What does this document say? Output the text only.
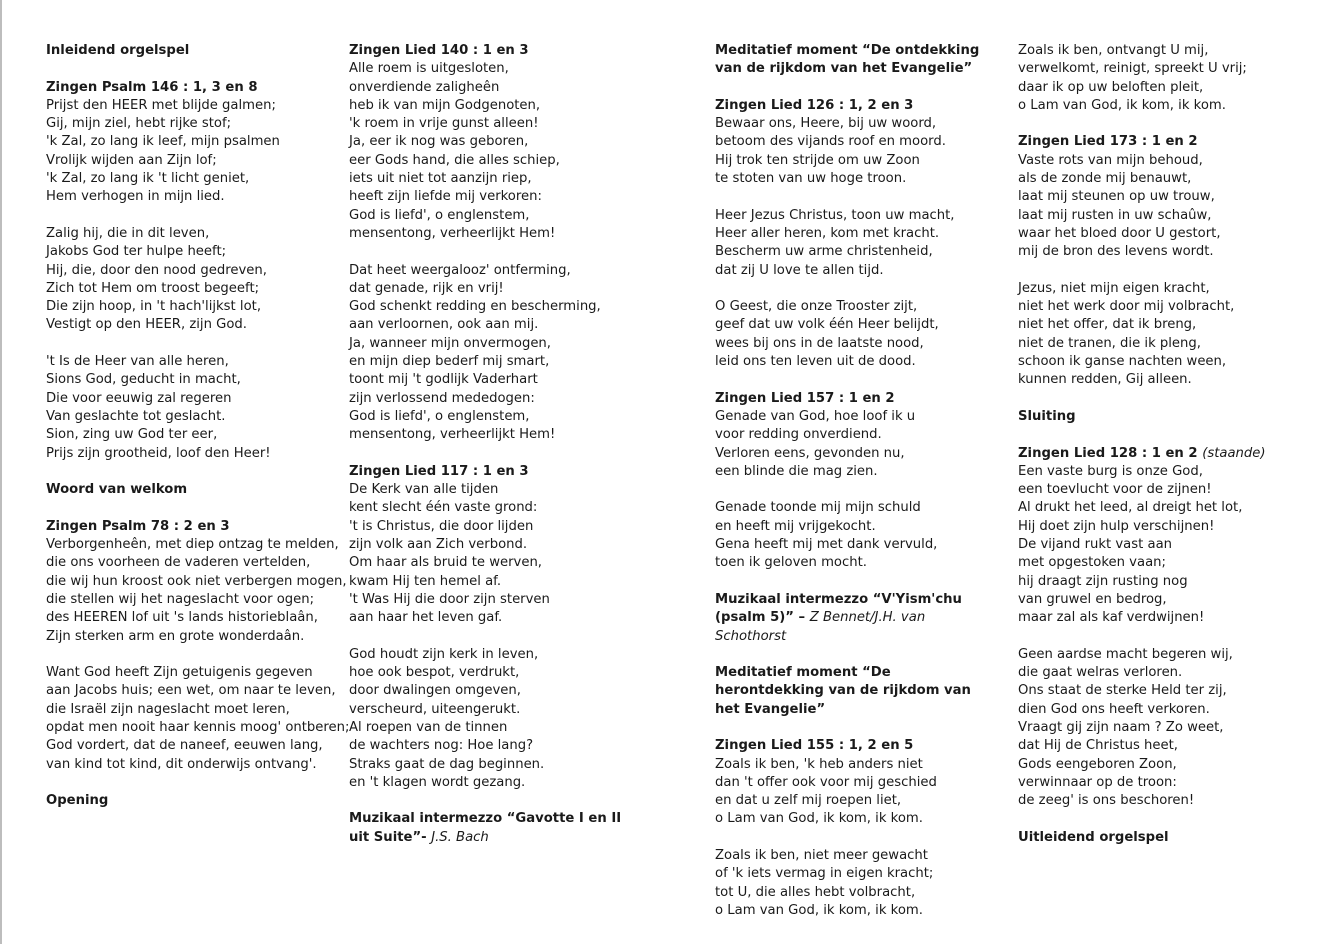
Inleidend orgelspel
Zingen Psalm 146 : 1, 3 en 8
Prijst den HEER met blijde galmen;
Gij, mijn ziel, hebt rijke stof;
'k Zal, zo lang ik leef, mijn psalmen
Vrolijk wijden aan Zijn lof;
'k Zal, zo lang ik 't licht geniet,
Hem verhogen in mijn lied.
Zalig hij, die in dit leven,
Jakobs God ter hulpe heeft;
Hij, die, door den nood gedreven,
Zich tot Hem om troost begeeft;
Die zijn hoop, in 't hach'lijkst lot,
Vestigt op den HEER, zijn God.
't Is de Heer van alle heren,
Sions God, geducht in macht,
Die voor eeuwig zal regeren
Van geslachte tot geslacht.
Sion, zing uw God ter eer,
Prijs zijn grootheid, loof den Heer!
Woord van welkom
Zingen Psalm 78 : 2 en 3
Verborgenheên, met diep ontzag te melden,
die ons voorheen de vaderen vertelden,
die wij hun kroost ook niet verbergen mogen,
die stellen wij het nageslacht voor ogen;
des HEEREN lof uit 's lands historieblaân,
Zijn sterken arm en grote wonderdaân.
Want God heeft Zijn getuigenis gegeven
aan Jacobs huis; een wet, om naar te leven,
die Israël zijn nageslacht moet leren,
opdat men nooit haar kennis moog' ontberen;
God vordert, dat de naneef, eeuwen lang,
van kind tot kind, dit onderwijs ontvang'.
Opening
Zingen Lied 140 : 1 en 3
Alle roem is uitgesloten,
onverdiende zaligheên
heb ik van mijn Godgenoten,
'k roem in vrije gunst alleen!
Ja, eer ik nog was geboren,
eer Gods hand, die alles schiep,
iets uit niet tot aanzijn riep,
heeft zijn liefde mij verkoren:
God is liefd', o englenstem,
mensentong, verheerlijkt Hem!
Dat heet weergalooz' ontferming,
dat genade, rijk en vrij!
God schenkt redding en bescherming,
aan verloornen, ook aan mij.
Ja, wanneer mijn onvermogen,
en mijn diep bederf mij smart,
toont mij 't godlijk Vaderhart
zijn verlossend mededogen:
God is liefd', o englenstem,
mensentong, verheerlijkt Hem!
Zingen Lied 117 : 1 en 3
De Kerk van alle tijden
kent slecht één vaste grond:
't is Christus, die door lijden
zijn volk aan Zich verbond.
Om haar als bruid te werven,
kwam Hij ten hemel af.
't Was Hij die door zijn sterven
aan haar het leven gaf.
God houdt zijn kerk in leven,
hoe ook bespot, verdrukt,
door dwalingen omgeven,
verscheurd, uiteengerukt.
Al roepen van de tinnen
de wachters nog: Hoe lang?
Straks gaat de dag beginnen.
en 't klagen wordt gezang.
Muzikaal intermezzo “Gavotte I en II uit Suite”- J.S. Bach
Meditatief moment “De ontdekking van de rijkdom van het Evangelie”
Zingen Lied 126 : 1, 2 en 3
Bewaar ons, Heere, bij uw woord,
betoom des vijands roof en moord.
Hij trok ten strijde om uw Zoon
te stoten van uw hoge troon.
Heer Jezus Christus, toon uw macht,
Heer aller heren, kom met kracht.
Bescherm uw arme christenheid,
dat zij U love te allen tijd.
O Geest, die onze Trooster zijt,
geef dat uw volk één Heer belijdt,
wees bij ons in de laatste nood,
leid ons ten leven uit de dood.
Zingen Lied 157 : 1 en 2
Genade van God, hoe loof ik u
voor redding onverdiend.
Verloren eens, gevonden nu,
een blinde die mag zien.
Genade toonde mij mijn schuld
en heeft mij vrijgekocht.
Gena heeft mij met dank vervuld,
toen ik geloven mocht.
Muzikaal intermezzo “V'Yism'chu (psalm 5)” – Z Bennet/J.H. van Schothorst
Meditatief moment “De herontdekking van de rijkdom van het Evangelie”
Zingen Lied 155 : 1, 2 en 5
Zoals ik ben, 'k heb anders niet
dan 't offer ook voor mij geschied
en dat u zelf mij roepen liet,
o Lam van God, ik kom, ik kom.
Zoals ik ben, niet meer gewacht
of 'k iets vermag in eigen kracht;
tot U, die alles hebt volbracht,
o Lam van God, ik kom, ik kom.
Zoals ik ben, ontvangt U mij,
verwelkomt, reinigt, spreekt U vrij;
daar ik op uw beloften pleit,
o Lam van God, ik kom, ik kom.
Zingen Lied 173 : 1 en 2
Vaste rots van mijn behoud,
als de zonde mij benauwt,
laat mij steunen op uw trouw,
laat mij rusten in uw schaûw,
waar het bloed door U gestort,
mij de bron des levens wordt.
Jezus, niet mijn eigen kracht,
niet het werk door mij volbracht,
niet het offer, dat ik breng,
niet de tranen, die ik pleng,
schoon ik ganse nachten ween,
kunnen redden, Gij alleen.
Sluiting
Zingen Lied 128 : 1 en 2 (staande)
Een vaste burg is onze God,
een toevlucht voor de zijnen!
Al drukt het leed, al dreigt het lot,
Hij doet zijn hulp verschijnen!
De vijand rukt vast aan
met opgestoken vaan;
hij draagt zijn rusting nog
van gruwel en bedrog,
maar zal als kaf verdwijnen!
Geen aardse macht begeren wij,
die gaat welras verloren.
Ons staat de sterke Held ter zij,
dien God ons heeft verkoren.
Vraagt gij zijn naam ? Zo weet,
dat Hij de Christus heet,
Gods eengeboren Zoon,
verwinnaar op de troon:
de zeeg' is ons beschoren!
Uitleidend orgelspel
